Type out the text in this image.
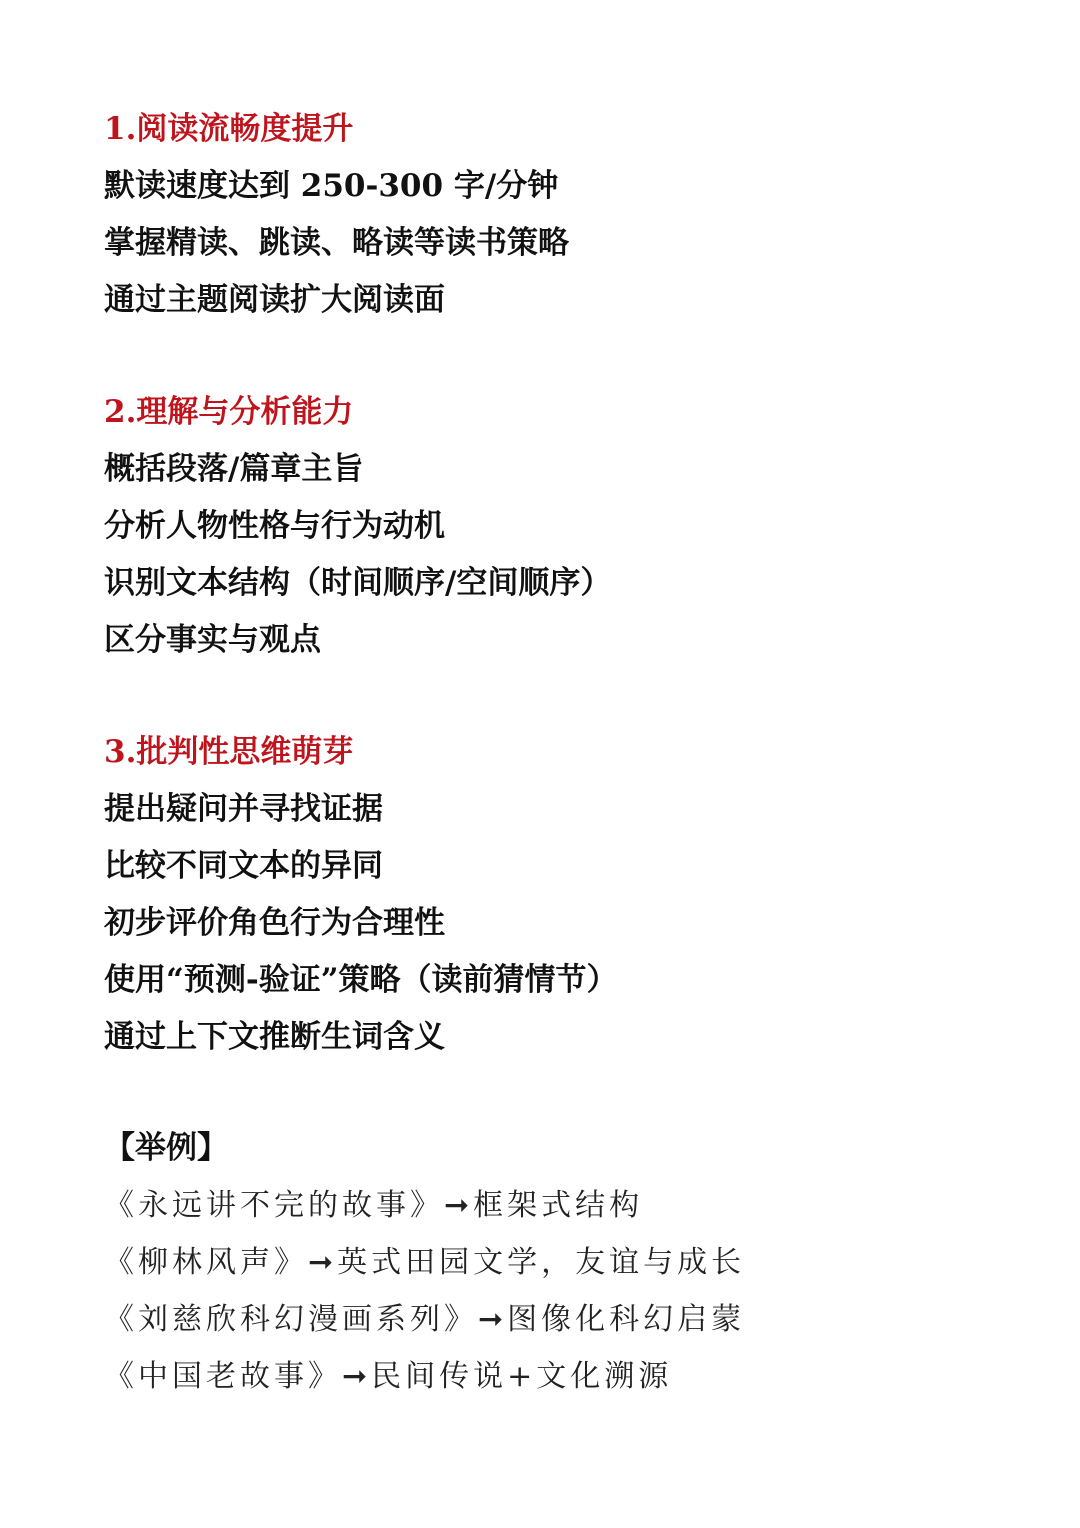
1.阅读流畅度提升

默读速度达到 250-300 字/分钟

掌握精读、跳读、略读等读书策略

通过主题阅读扩大阅读面

2.理解与分析能力

概括段落/篇章主旨

分析人物性格与行为动机

识别文本结构（时间顺序/空间顺序）

区分事实与观点

3.批判性思维萌芽

提出疑问并寻找证据

比较不同文本的异同

初步评价角色行为合理性

使用“预测-验证”策略（读前猜情节）

通过上下文推断生词含义

【举例】

《永远讲不完的故事》➞框架式结构

《柳林风声》➞英式田园文学，友谊与成长

《刘慈欣科幻漫画系列》➞图像化科幻启蒙

《中国老故事》➞民间传说+文化溯源
